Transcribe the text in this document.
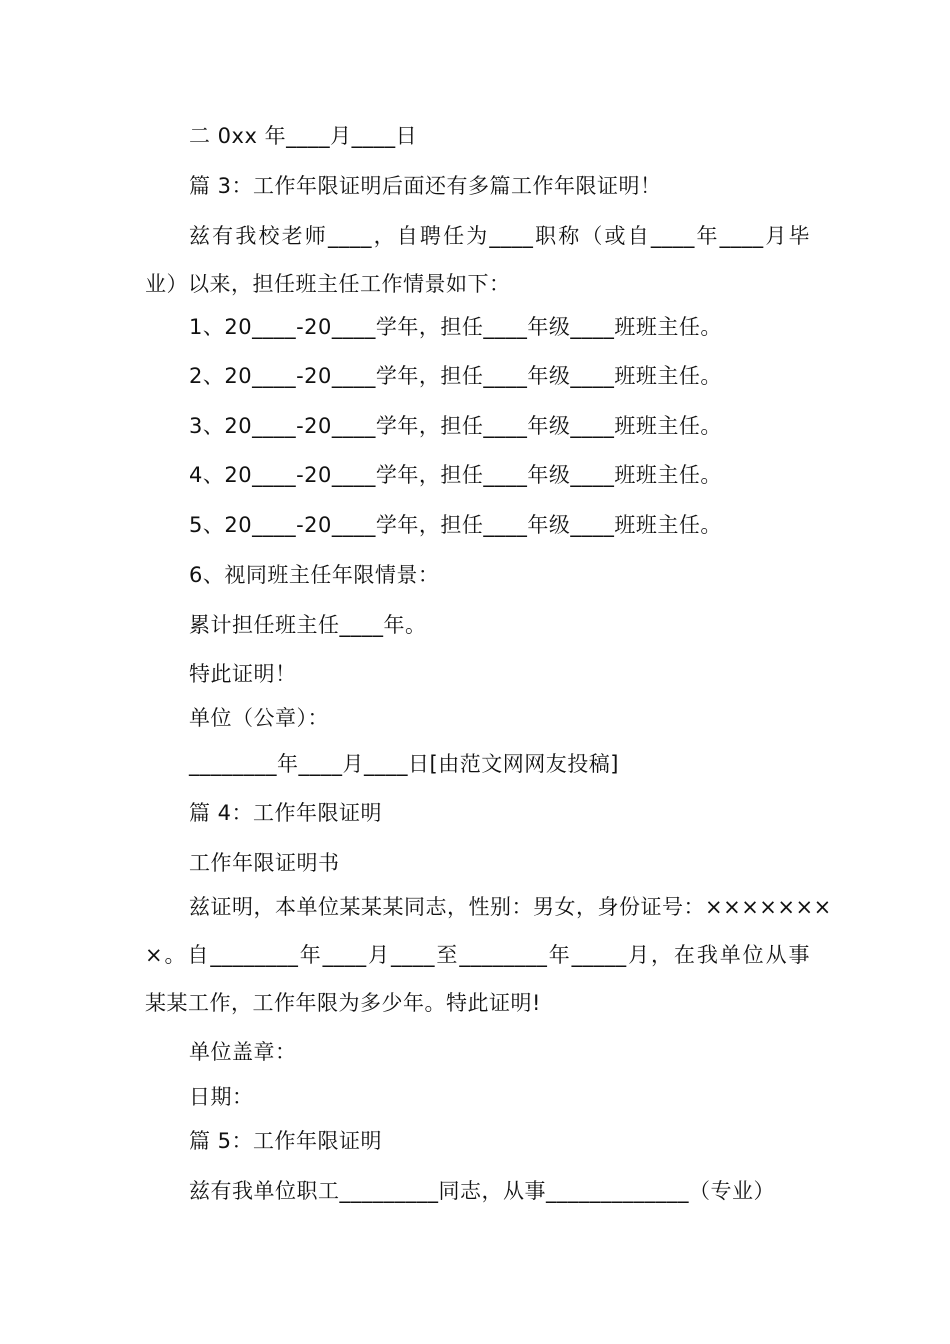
二 0xx 年____月____日
篇 3：工作年限证明后面还有多篇工作年限证明！
兹有我校老师____，自聘任为____职称（或自____年____月毕
业）以来，担任班主任工作情景如下：
1、20____-20____学年，担任____年级____班班主任。
2、20____-20____学年，担任____年级____班班主任。
3、20____-20____学年，担任____年级____班班主任。
4、20____-20____学年，担任____年级____班班主任。
5、20____-20____学年，担任____年级____班班主任。
6、视同班主任年限情景：
累计担任班主任____年。
特此证明！
单位（公章）：
________年____月____日[由范文网网友投稿]
篇 4：工作年限证明
工作年限证明书
兹证明，本单位某某某同志，性别：男女，身份证号：×××××××
×。自________年____月____至________年_____月，在我单位从事
某某工作，工作年限为多少年。特此证明!
单位盖章：
日期：
篇 5：工作年限证明
兹有我单位职工_________同志，从事_____________（专业）
